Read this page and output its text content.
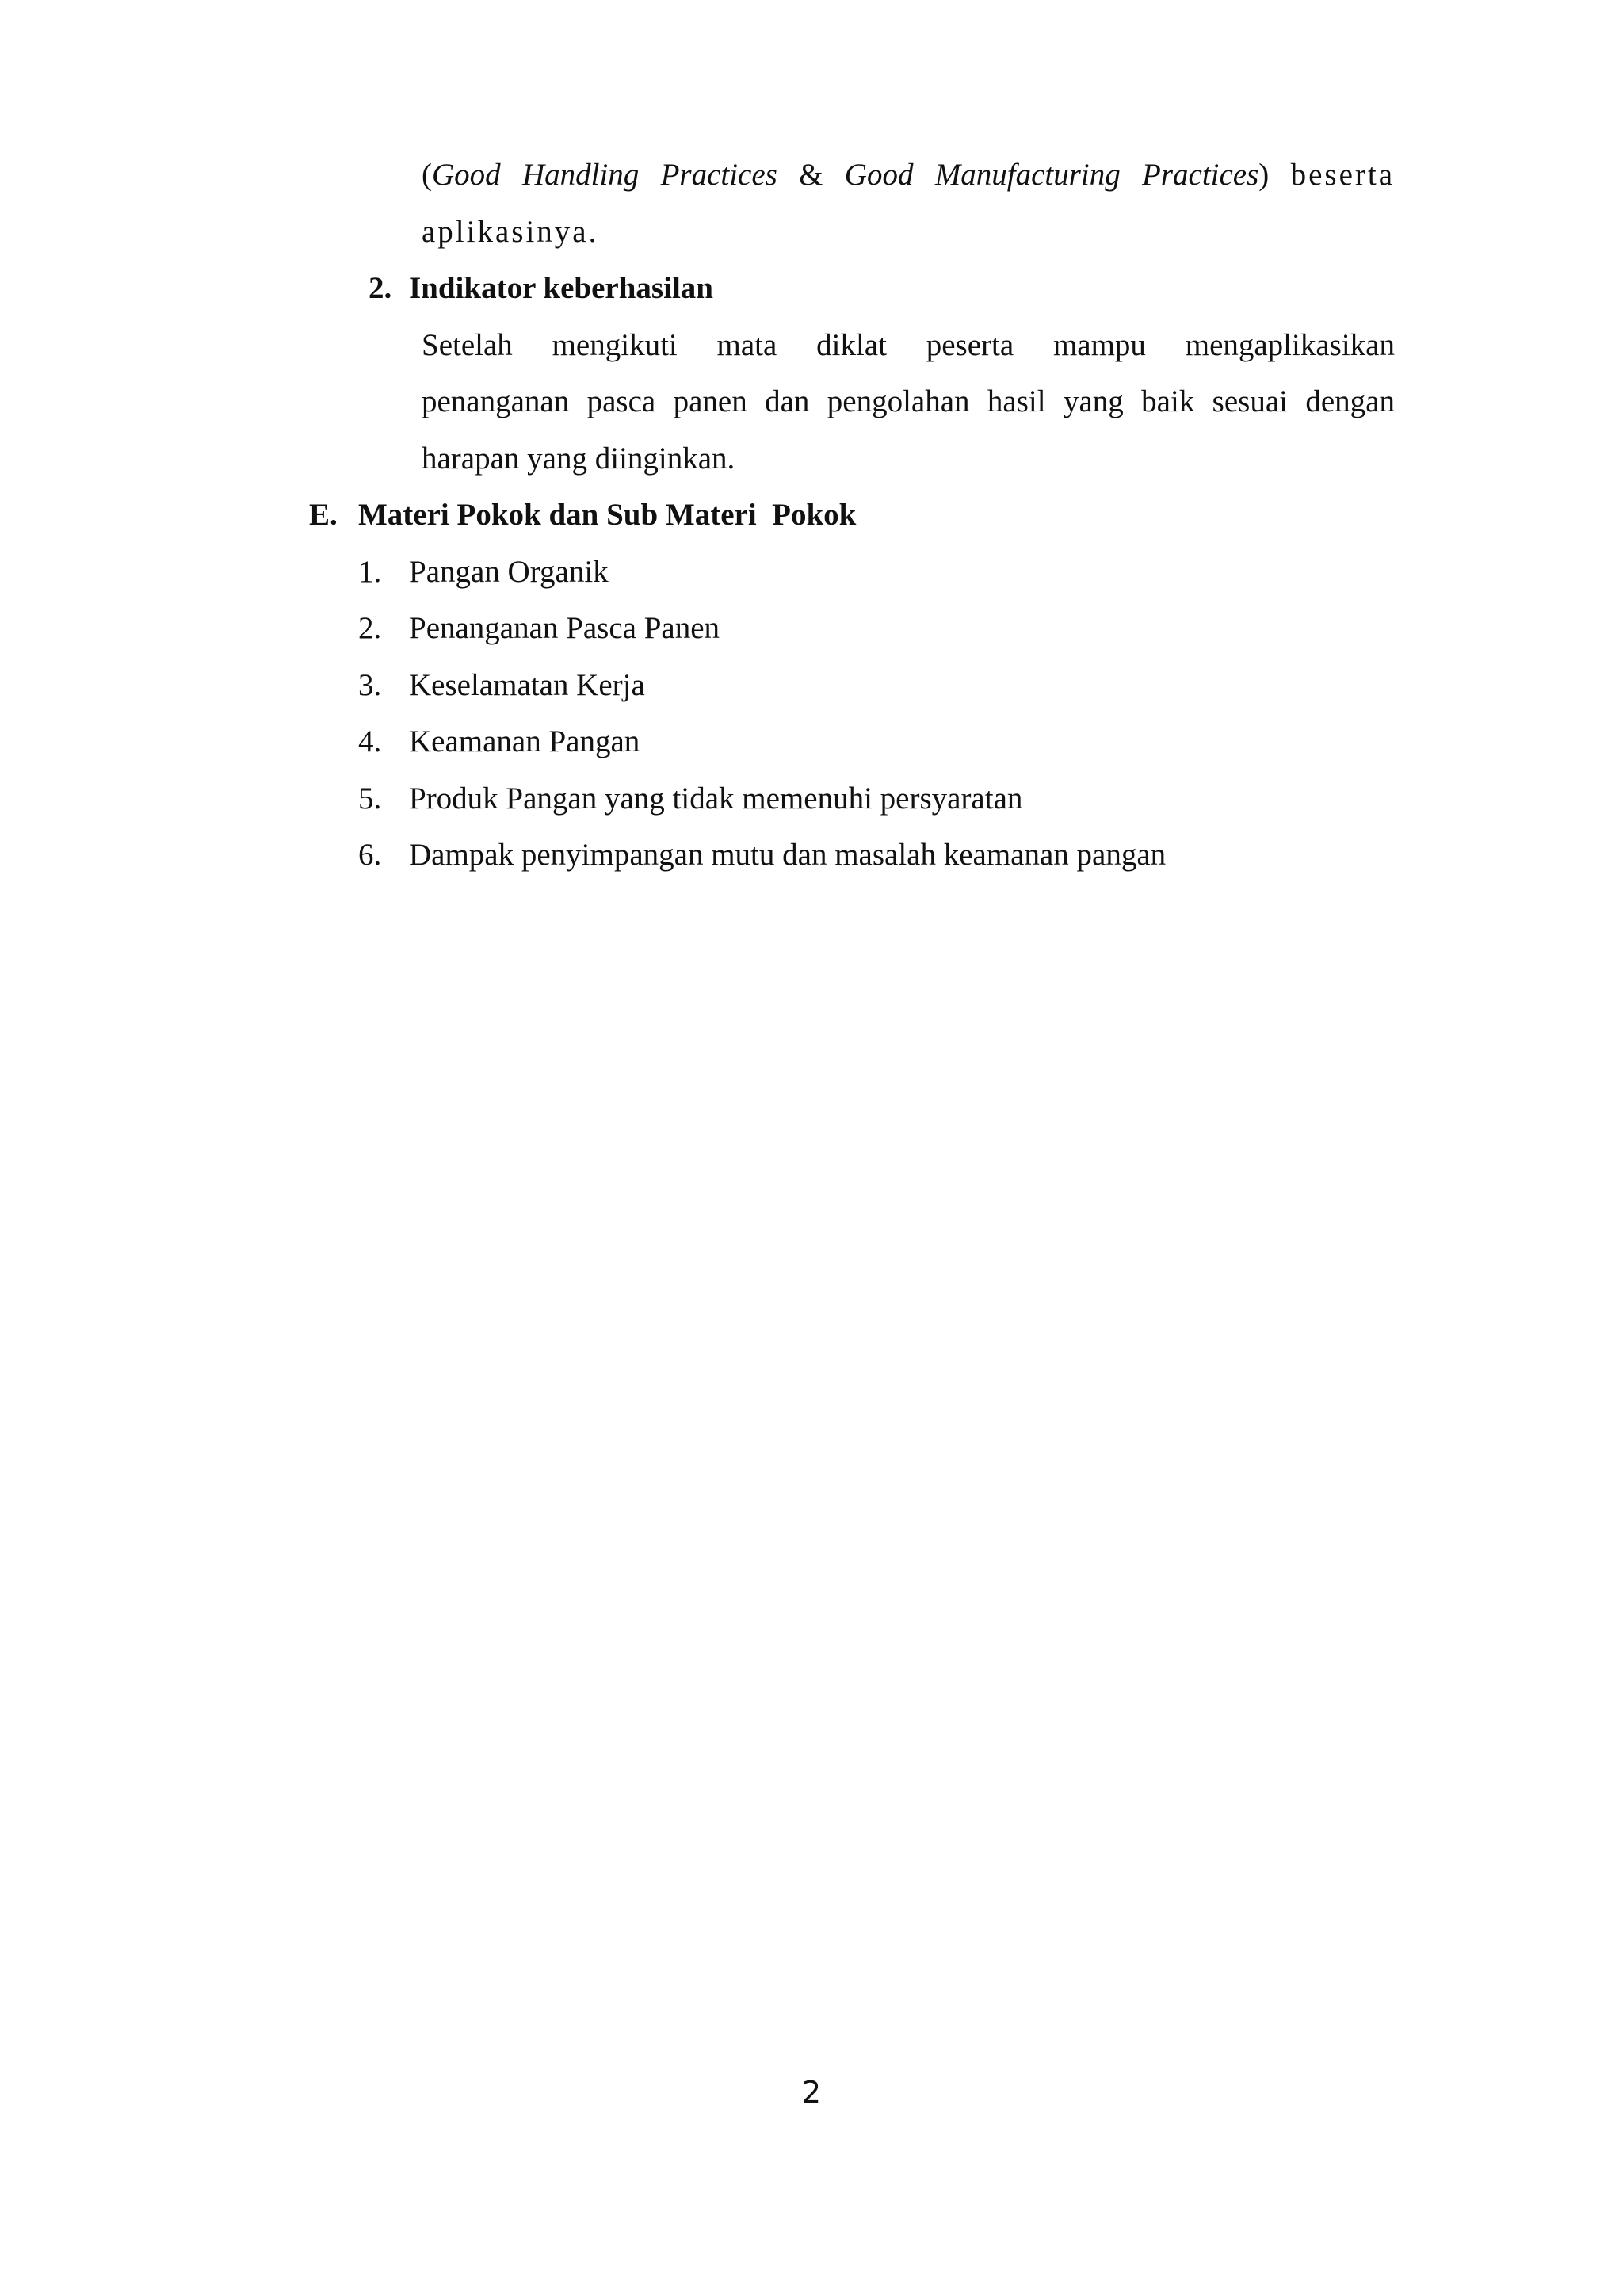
(Good Handling Practices & Good Manufacturing Practices) beserta
aplikasinya.
2. Indikator keberhasilan
Setelah mengikuti mata diklat peserta mampu mengaplikasikan
penanganan pasca panen dan pengolahan hasil yang baik sesuai dengan
harapan yang diinginkan.
E. Materi Pokok dan Sub Materi  Pokok
1. Pangan Organik
2. Penanganan Pasca Panen
3. Keselamatan Kerja
4. Keamanan Pangan
5. Produk Pangan yang tidak memenuhi persyaratan
6. Dampak penyimpangan mutu dan masalah keamanan pangan
2
